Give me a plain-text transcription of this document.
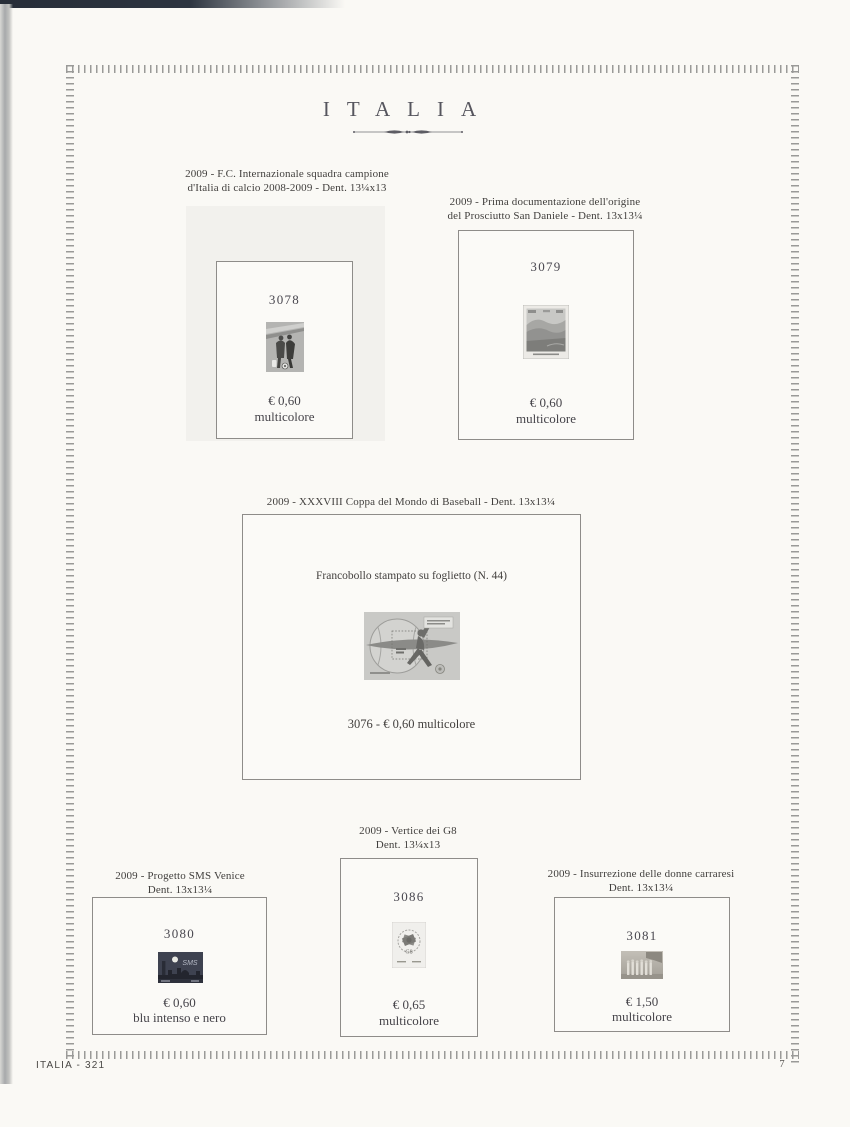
ITALIA
2009 - F.C. Internazionale squadra campione
d'Italia di calcio 2008-2009 - Dent. 13¼x13
3078
€ 0,60
multicolore
2009 - Prima documentazione dell'origine
del Prosciutto San Daniele - Dent. 13x13¼
3079
€ 0,60
multicolore
2009 - XXXVIII Coppa del Mondo di Baseball - Dent. 13x13¼
Francobollo stampato su foglietto (N. 44)
3076 - € 0,60 multicolore
2009 - Vertice dei G8
Dent. 13¼x13
3086
G8
€ 0,65
multicolore
2009 - Progetto SMS Venice
Dent. 13x13¼
3080
SMS
€ 0,60
blu intenso e nero
2009 - Insurrezione delle donne carraresi
Dent. 13x13¼
3081
€ 1,50
multicolore
ITALIA - 321	7
